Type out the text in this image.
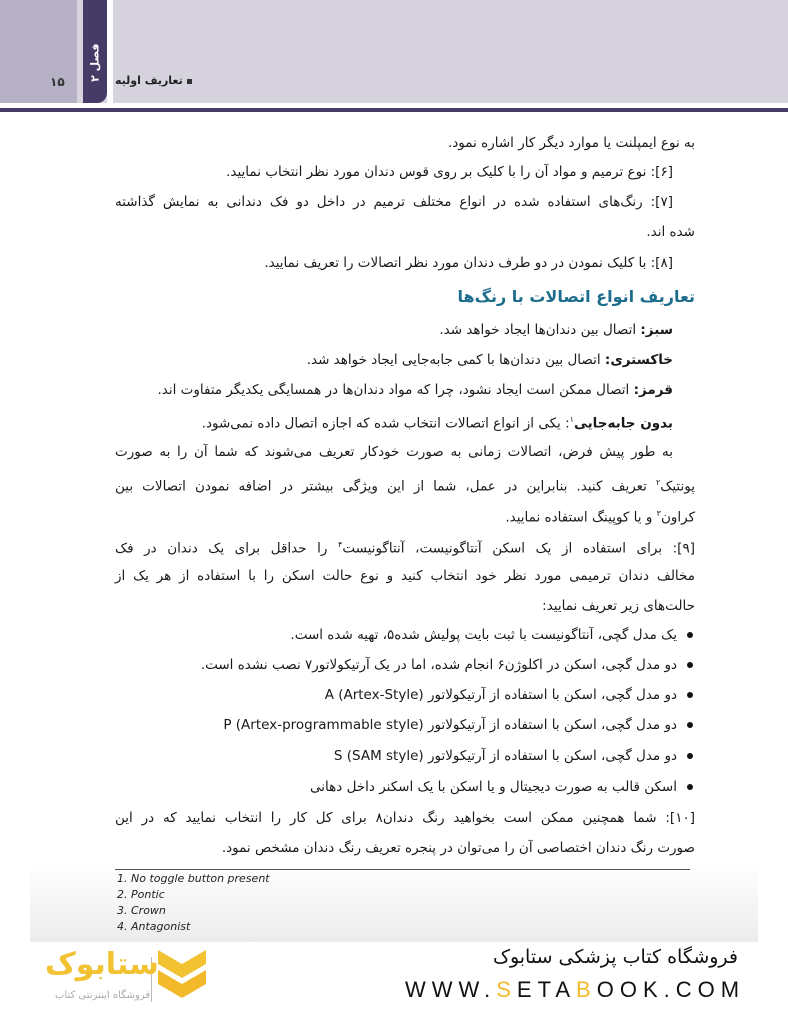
۱۵ فصل ۲
تعاریف اولیه
به نوع ایمپلنت یا موارد دیگر کار اشاره نمود.
[۶]: نوع ترمیم و مواد آن را با کلیک بر روی قوس دندان مورد نظر انتخاب نمایید.
[۷]: رنگ‌های استفاده شده در انواع مختلف ترمیم در داخل دو فک دندانی به نمایش گذاشته
شده اند.
[۸]: با کلیک نمودن در دو طرف دندان مورد نظر اتصالات را تعریف نمایید.
تعاریف انواع اتصالات با رنگ‌ها
سبز: اتصال بین دندان‌ها ایجاد خواهد شد.
خاکستری: اتصال بین دندان‌ها با کمی جابه‌جایی ایجاد خواهد شد.
قرمز: اتصال ممکن است ایجاد نشود، چرا که مواد دندان‌ها در همسایگی یکدیگر متفاوت اند.
بدون جابه‌جایی$^۱$: یکی از انواع اتصالات انتخاب شده که اجازه اتصال داده نمی‌شود.
به طور پیش فرض، اتصالات زمانی به صورت خودکار تعریف می‌شوند که شما آن را به صورت
پونتیک$^۲$ تعریف کنید. بنابراین در عمل، شما از این ویژگی بیشتر در اضافه نمودن اتصالات بین
کراون$^۳$ و یا کوپینگ استفاده نمایید.
[۹]: برای استفاده از یک اسکن آنتاگونیست، آنتاگونیست$^۴$ را حداقل برای یک دندان در فک
مخالف دندان ترمیمی مورد نظر خود انتخاب کنید و نوع حالت اسکن را با استفاده از هر یک از
حالت‌های زیر تعریف نمایید:
یک مدل گچی، آنتاگونیست با ثبت بایت پولیش شده۵، تهیه شده است.
دو مدل گچی، اسکن در اکلوژن۶ انجام شده، اما در یک آرتیکولاتور۷ نصب نشده است.
دو مدل گچی، اسکن با استفاده از آرتیکولاتور A (Artex-Style)
دو مدل گچی، اسکن با استفاده از آرتیکولاتور P (Artex-programmable style)
دو مدل گچی، اسکن با استفاده از آرتیکولاتور S (SAM style)
اسکن قالب به صورت دیجیتال و یا اسکن با یک اسکنر داخل دهانی
[۱۰]: شما همچنین ممکن است بخواهید رنگ دندان۸ برای کل کار را انتخاب نمایید که در این
صورت رنگ دندان اختصاصی آن را می‌توان در پنجره تعریف رنگ دندان مشخص نمود.
1. No toggle button present
2. Pontic
3. Crown
4. Antagonist
فروشگاه کتاب پزشکی ستابوک
WWW.SETABOOK.COM
ستابوک
فروشگاه اینترنتی کتاب
